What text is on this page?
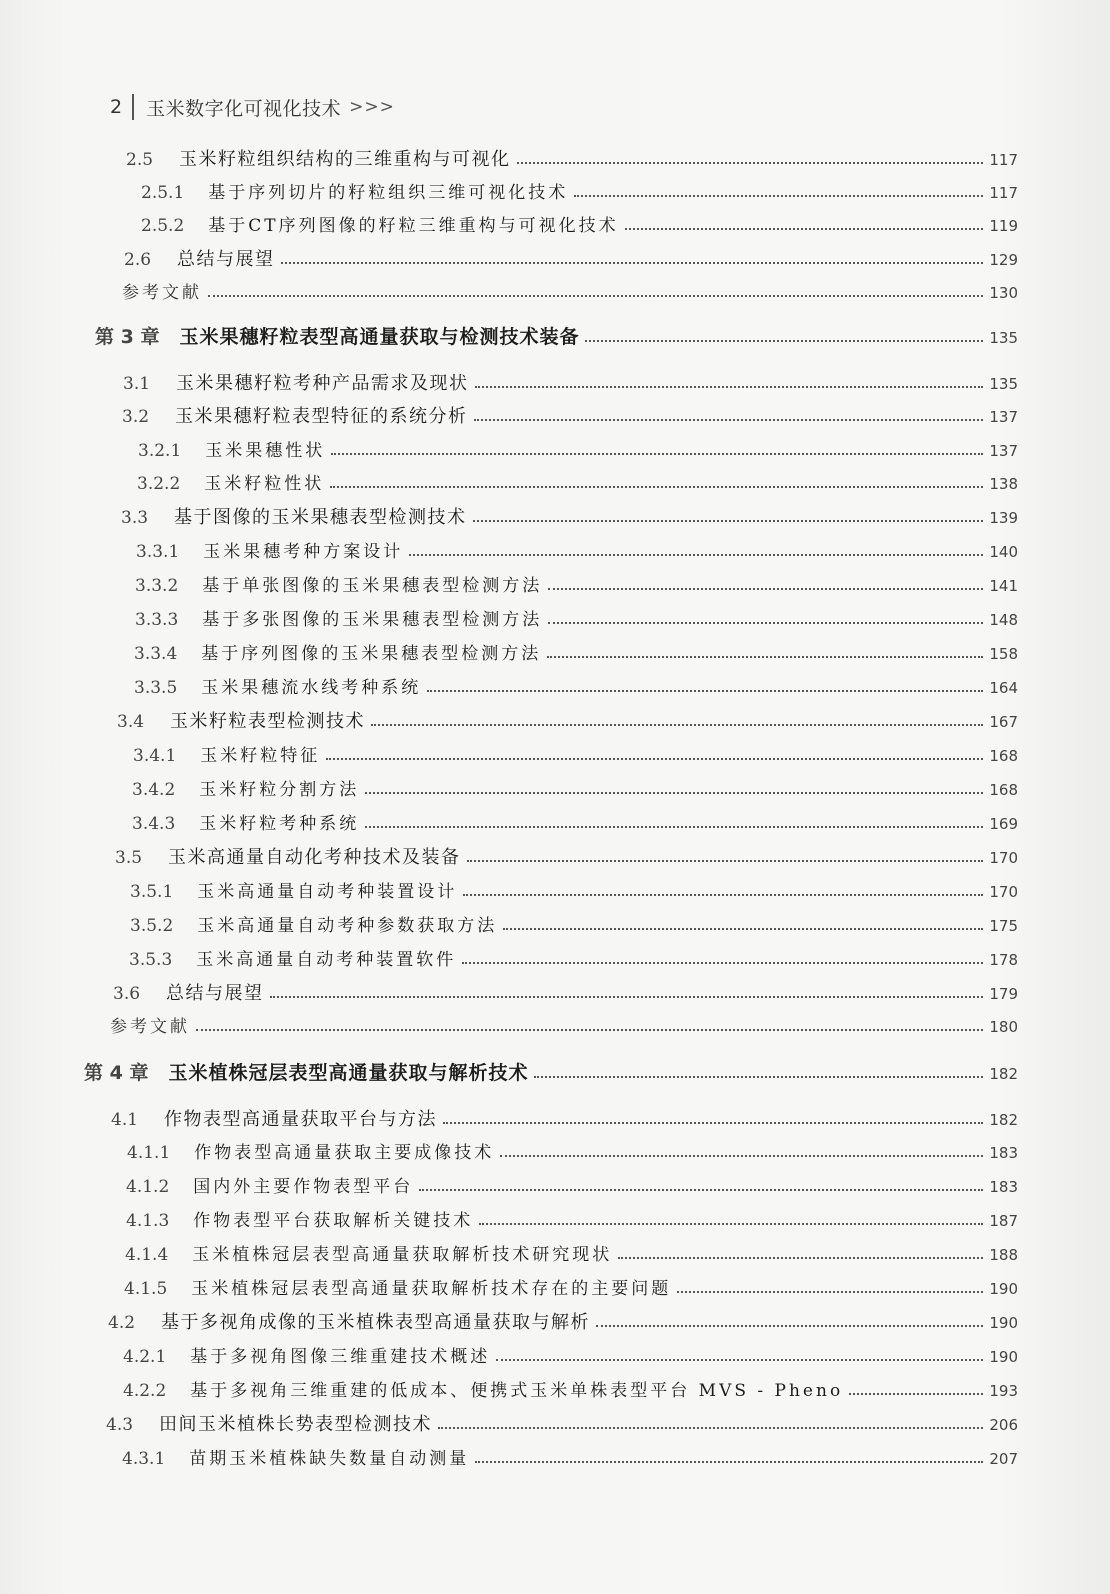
2 玉米数字化可视化技术 >>>
2.5 玉米籽粒组织结构的三维重构与可视化	117
2.5.1 基于序列切片的籽粒组织三维可视化技术	117
2.5.2 基于CT序列图像的籽粒三维重构与可视化技术	119
2.6 总结与展望	129
参考文献	130
第 3 章 玉米果穗籽粒表型高通量获取与检测技术装备	135
3.1 玉米果穗籽粒考种产品需求及现状	135
3.2 玉米果穗籽粒表型特征的系统分析	137
3.2.1 玉米果穗性状	137
3.2.2 玉米籽粒性状	138
3.3 基于图像的玉米果穗表型检测技术	139
3.3.1 玉米果穗考种方案设计	140
3.3.2 基于单张图像的玉米果穗表型检测方法	141
3.3.3 基于多张图像的玉米果穗表型检测方法	148
3.3.4 基于序列图像的玉米果穗表型检测方法	158
3.3.5 玉米果穗流水线考种系统	164
3.4 玉米籽粒表型检测技术	167
3.4.1 玉米籽粒特征	168
3.4.2 玉米籽粒分割方法	168
3.4.3 玉米籽粒考种系统	169
3.5 玉米高通量自动化考种技术及装备	170
3.5.1 玉米高通量自动考种装置设计	170
3.5.2 玉米高通量自动考种参数获取方法	175
3.5.3 玉米高通量自动考种装置软件	178
3.6 总结与展望	179
参考文献	180
第 4 章 玉米植株冠层表型高通量获取与解析技术	182
4.1 作物表型高通量获取平台与方法	182
4.1.1 作物表型高通量获取主要成像技术	183
4.1.2 国内外主要作物表型平台	183
4.1.3 作物表型平台获取解析关键技术	187
4.1.4 玉米植株冠层表型高通量获取解析技术研究现状	188
4.1.5 玉米植株冠层表型高通量获取解析技术存在的主要问题	190
4.2 基于多视角成像的玉米植株表型高通量获取与解析	190
4.2.1 基于多视角图像三维重建技术概述	190
4.2.2 基于多视角三维重建的低成本、便携式玉米单株表型平台 MVS - Pheno	193
4.3 田间玉米植株长势表型检测技术	206
4.3.1 苗期玉米植株缺失数量自动测量	207
